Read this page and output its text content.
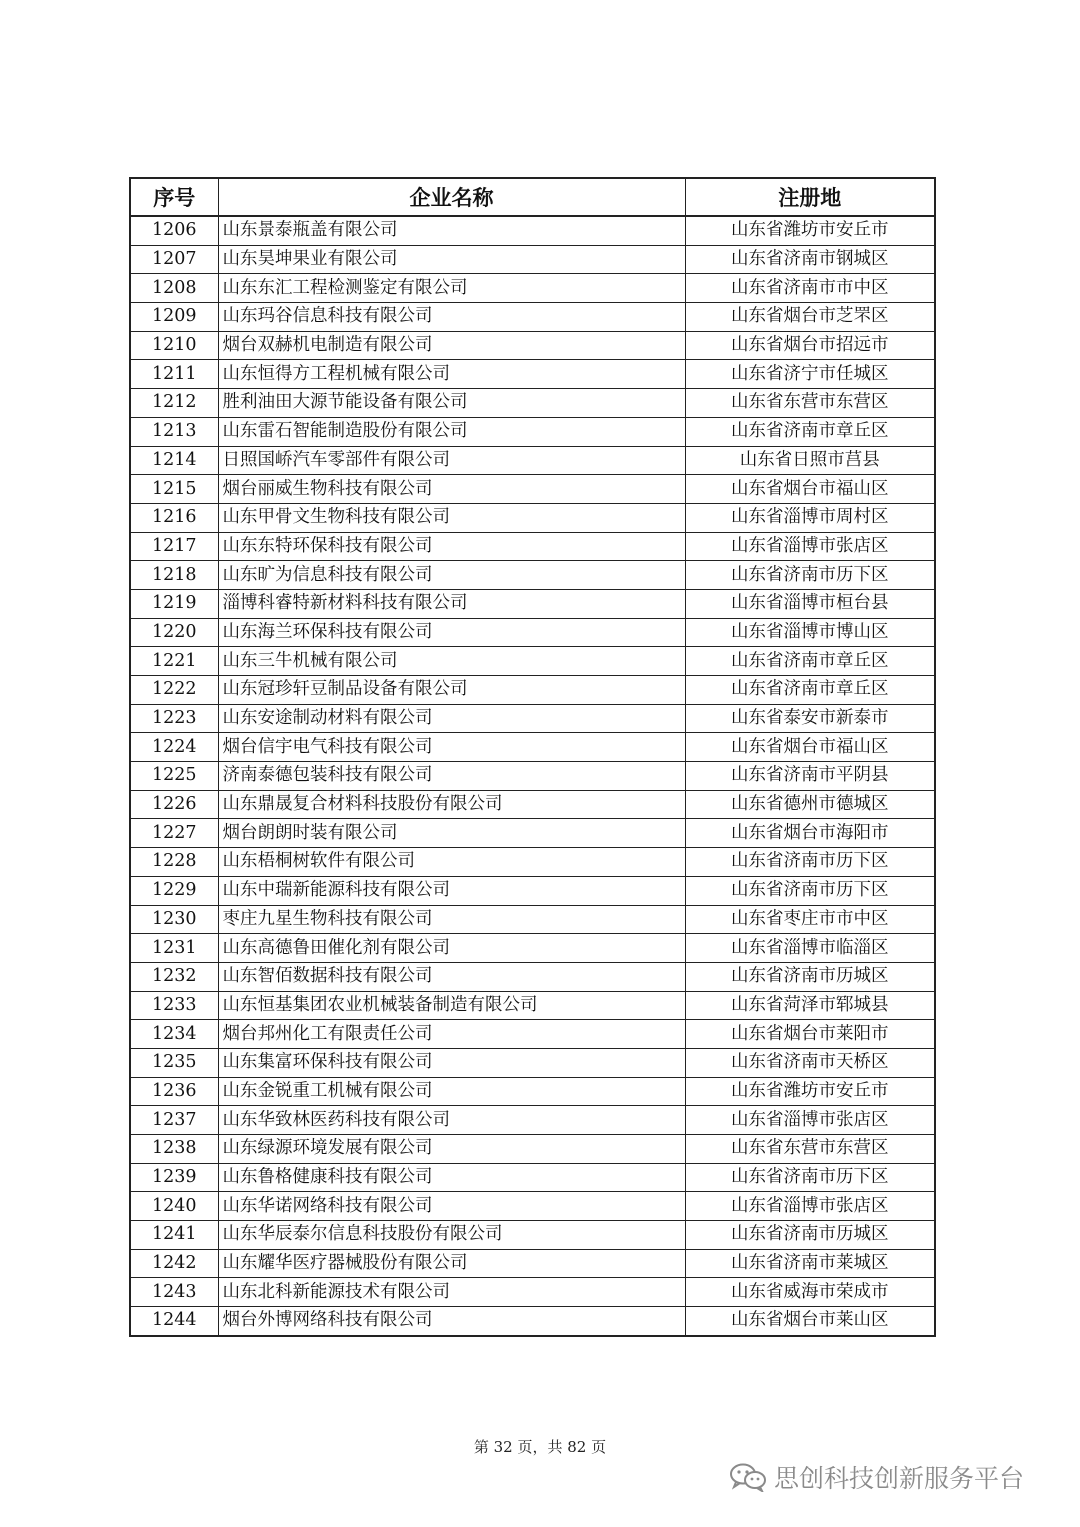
序号	企业名称	注册地
1206	山东景泰瓶盖有限公司	山东省潍坊市安丘市
1207	山东昊坤果业有限公司	山东省济南市钢城区
1208	山东东汇工程检测鉴定有限公司	山东省济南市市中区
1209	山东玛谷信息科技有限公司	山东省烟台市芝罘区
1210	烟台双赫机电制造有限公司	山东省烟台市招远市
1211	山东恒得方工程机械有限公司	山东省济宁市任城区
1212	胜利油田大源节能设备有限公司	山东省东营市东营区
1213	山东雷石智能制造股份有限公司	山东省济南市章丘区
1214	日照国峤汽车零部件有限公司	山东省日照市莒县
1215	烟台丽威生物科技有限公司	山东省烟台市福山区
1216	山东甲骨文生物科技有限公司	山东省淄博市周村区
1217	山东东特环保科技有限公司	山东省淄博市张店区
1218	山东旷为信息科技有限公司	山东省济南市历下区
1219	淄博科睿特新材料科技有限公司	山东省淄博市桓台县
1220	山东海兰环保科技有限公司	山东省淄博市博山区
1221	山东三牛机械有限公司	山东省济南市章丘区
1222	山东冠珍轩豆制品设备有限公司	山东省济南市章丘区
1223	山东安途制动材料有限公司	山东省泰安市新泰市
1224	烟台信宇电气科技有限公司	山东省烟台市福山区
1225	济南泰德包装科技有限公司	山东省济南市平阴县
1226	山东鼎晟复合材料科技股份有限公司	山东省德州市德城区
1227	烟台朗朗时装有限公司	山东省烟台市海阳市
1228	山东梧桐树软件有限公司	山东省济南市历下区
1229	山东中瑞新能源科技有限公司	山东省济南市历下区
1230	枣庄九星生物科技有限公司	山东省枣庄市市中区
1231	山东高德鲁田催化剂有限公司	山东省淄博市临淄区
1232	山东智佰数据科技有限公司	山东省济南市历城区
1233	山东恒基集团农业机械装备制造有限公司	山东省菏泽市郓城县
1234	烟台邦州化工有限责任公司	山东省烟台市莱阳市
1235	山东集富环保科技有限公司	山东省济南市天桥区
1236	山东金锐重工机械有限公司	山东省潍坊市安丘市
1237	山东华致林医药科技有限公司	山东省淄博市张店区
1238	山东绿源环境发展有限公司	山东省东营市东营区
1239	山东鲁格健康科技有限公司	山东省济南市历下区
1240	山东华诺网络科技有限公司	山东省淄博市张店区
1241	山东华辰泰尔信息科技股份有限公司	山东省济南市历城区
1242	山东耀华医疗器械股份有限公司	山东省济南市莱城区
1243	山东北科新能源技术有限公司	山东省威海市荣成市
1244	烟台外博网络科技有限公司	山东省烟台市莱山区
第 32 页，共 82 页
思创科技创新服务平台
